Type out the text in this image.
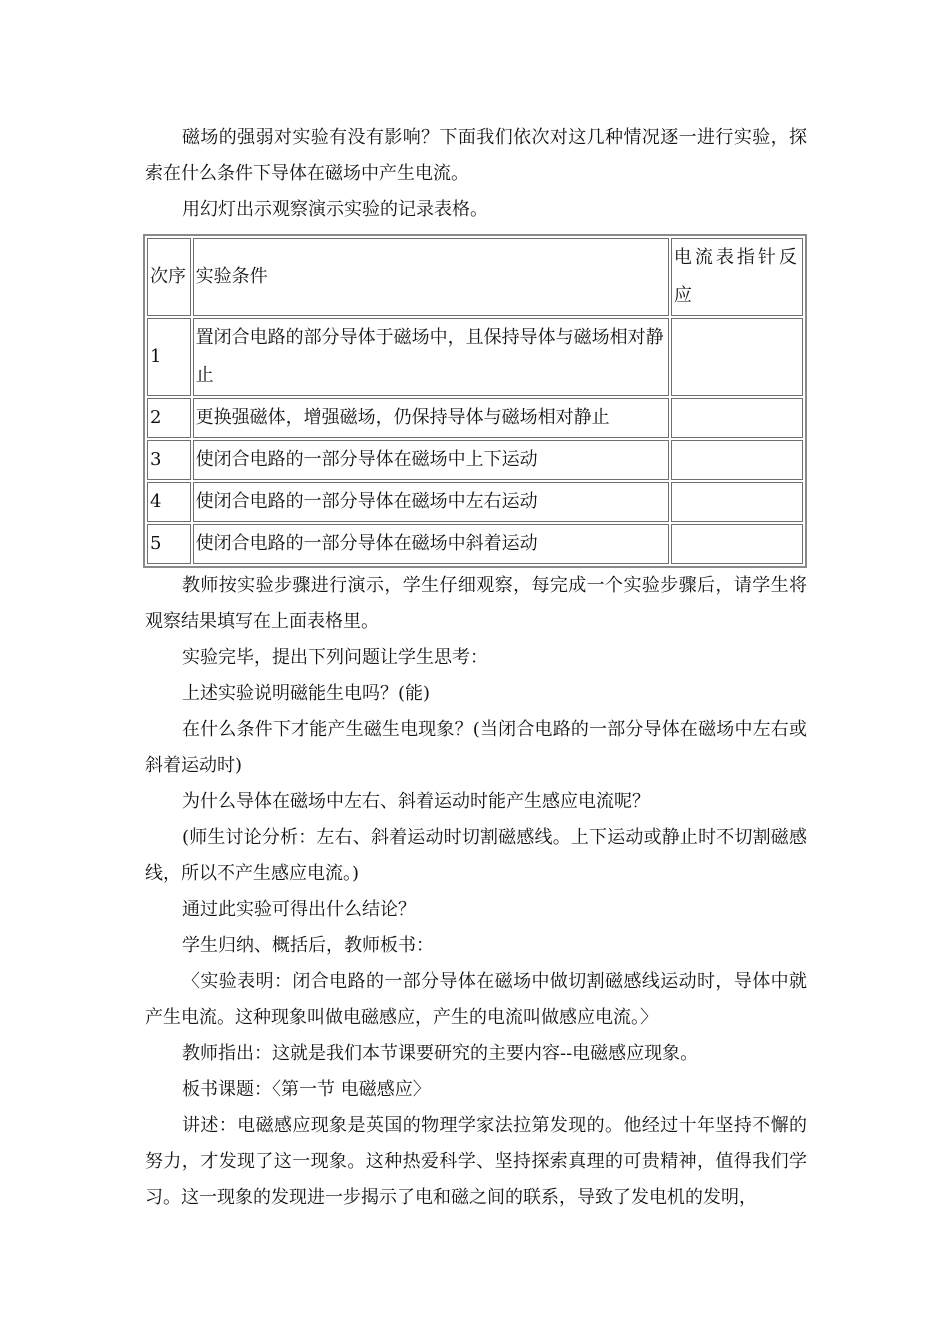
磁场的强弱对实验有没有影响？下面我们依次对这几种情况逐一进行实验，探索在什么条件下导体在磁场中产生电流。

用幻灯出示观察演示实验的记录表格。

次序	实验条件	电流表指针反应
1	置闭合电路的部分导体于磁场中，且保持导体与磁场相对静止	
2	更换强磁体，增强磁场，仍保持导体与磁场相对静止	
3	使闭合电路的一部分导体在磁场中上下运动	
4	使闭合电路的一部分导体在磁场中左右运动	
5	使闭合电路的一部分导体在磁场中斜着运动	

教师按实验步骤进行演示，学生仔细观察，每完成一个实验步骤后，请学生将观察结果填写在上面表格里。

实验完毕，提出下列问题让学生思考：

上述实验说明磁能生电吗？(能)

在什么条件下才能产生磁生电现象？(当闭合电路的一部分导体在磁场中左右或斜着运动时)

为什么导体在磁场中左右、斜着运动时能产生感应电流呢？

(师生讨论分析：左右、斜着运动时切割磁感线。上下运动或静止时不切割磁感线，所以不产生感应电流。)

通过此实验可得出什么结论？

学生归纳、概括后，教师板书：

〈实验表明：闭合电路的一部分导体在磁场中做切割磁感线运动时，导体中就产生电流。这种现象叫做电磁感应，产生的电流叫做感应电流。〉

教师指出：这就是我们本节课要研究的主要内容--电磁感应现象。

板书课题：〈第一节 电磁感应〉

讲述：电磁感应现象是英国的物理学家法拉第发现的。他经过十年坚持不懈的努力，才发现了这一现象。这种热爱科学、坚持探索真理的可贵精神，值得我们学习。这一现象的发现进一步揭示了电和磁之间的联系，导致了发电机的发明，
